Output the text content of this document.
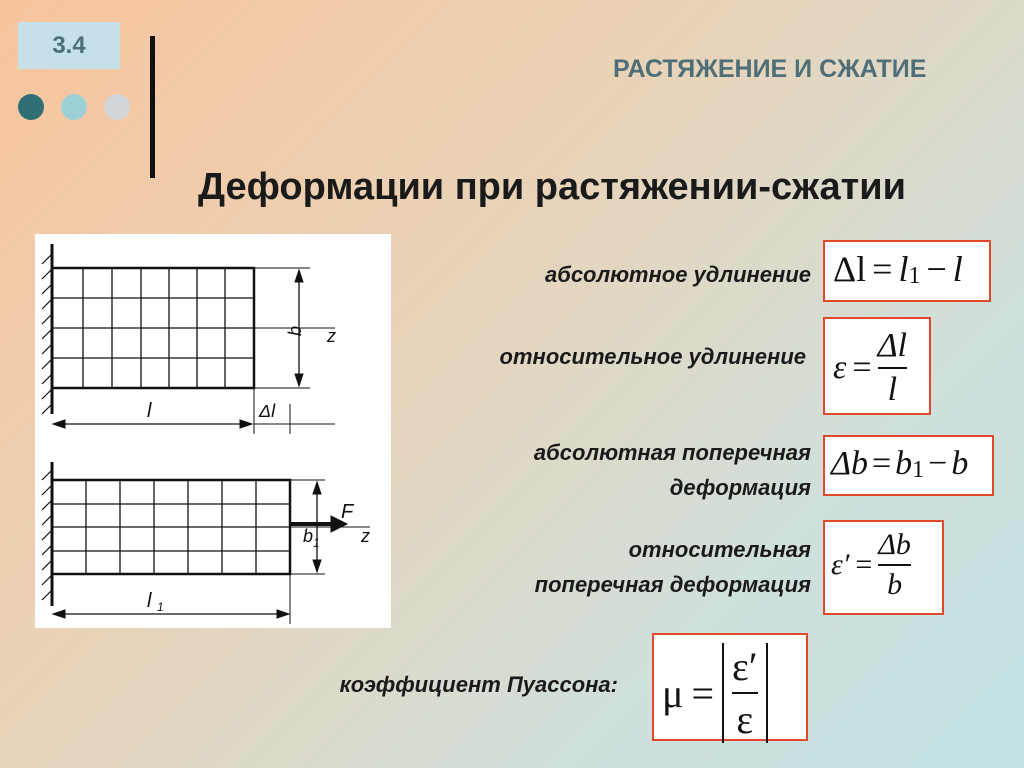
3.4
РАСТЯЖЕНИЕ И СЖАТИЕ
Деформации при растяжении-сжатии
b z
l	Δl
b 1
F
z
l 1
абсолютное удлинение
относительное удлинение
абсолютная поперечная
деформация
относительная
поперечная деформация
коэффициент Пуассона:
Δl = l 1 − l
$\varepsilon = \frac{\Delta l}{l}$
Δb = b 1 − b
$\varepsilon' = \frac{\Delta b}{b}$
μ =
ε′
ε
